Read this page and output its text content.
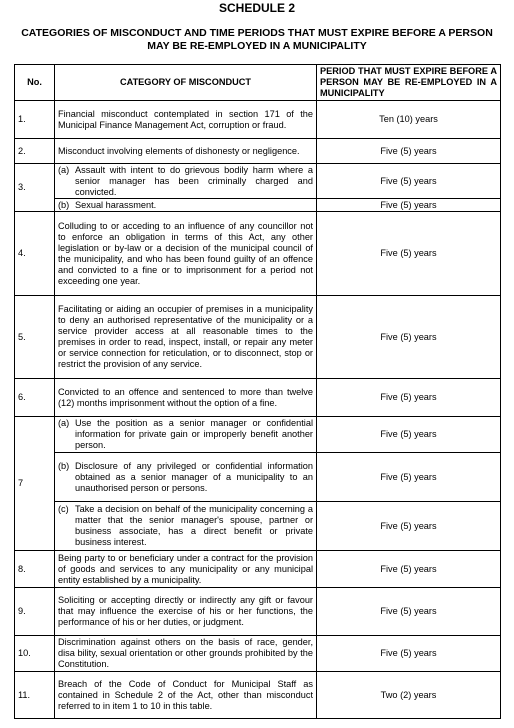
SCHEDULE 2
CATEGORIES OF MISCONDUCT AND TIME PERIODS THAT MUST EXPIRE BEFORE A PERSON MAY BE RE-EMPLOYED IN A MUNICIPALITY
No.	CATEGORY OF MISCONDUCT	PERIOD THAT MUST EXPIRE BEFORE A PERSON MAY BE RE-EMPLOYED IN A MUNICIPALITY
1.	Financial misconduct contemplated in section 171 of the Municipal Finance Management Act, corruption or fraud.	Ten (10) years
2.	Misconduct involving elements of dishonesty or negligence.	Five (5) years
3.	(a) Assault with intent to do grievous bodily harm where a senior manager has been criminally charged and convicted.	Five (5) years

	(b) Sexual harassment.	Five (5) years
4.	Colluding to or acceding to an influence of any councillor not to enforce an obligation in terms of this Act, any other legislation or by-law or a decision of the municipal council of the municipality, and who has been found guilty of an offence and convicted to a fine or to imprisonment for a period not exceeding one year.	Five (5) years
5.	Facilitating or aiding an occupier of premises in a municipality to deny an authorised representative of the municipality or a service provider access at all reasonable times to the premises in order to read, inspect, install, or repair any meter or service connection for reticulation, or to disconnect, stop or restrict the provision of any service.	Five (5) years
6.	Convicted to an offence and sentenced to more than twelve (12) months imprisonment without the option of a fine.	Five (5) years
7	(a) Use the position as a senior manager or confidential information for private gain or improperly benefit another person.	Five (5) years

	(b) Disclosure of any privileged or confidential information obtained as a senior manager of a municipality to an unauthorised person or persons.	Five (5) years

	(c) Take a decision on behalf of the municipality concerning a matter that the senior manager's spouse, partner or business associate, has a direct benefit or private business interest.	Five (5) years
8.	Being party to or beneficiary under a contract for the provision of goods and services to any municipality or any municipal entity established by a municipality.	Five (5) years
9.	Soliciting or accepting directly or indirectly any gift or favour that may influence the exercise of his or her functions, the performance of his or her duties, or judgment.	Five (5) years
10.	Discrimination against others on the basis of race, gender, disa bility, sexual orientation or other grounds prohibited by the Constitution.	Five (5) years
11.	Breach of the Code of Conduct for Municipal Staff as contained in Schedule 2 of the Act, other than misconduct referred to in item 1 to 10 in this table.	Two (2) years
